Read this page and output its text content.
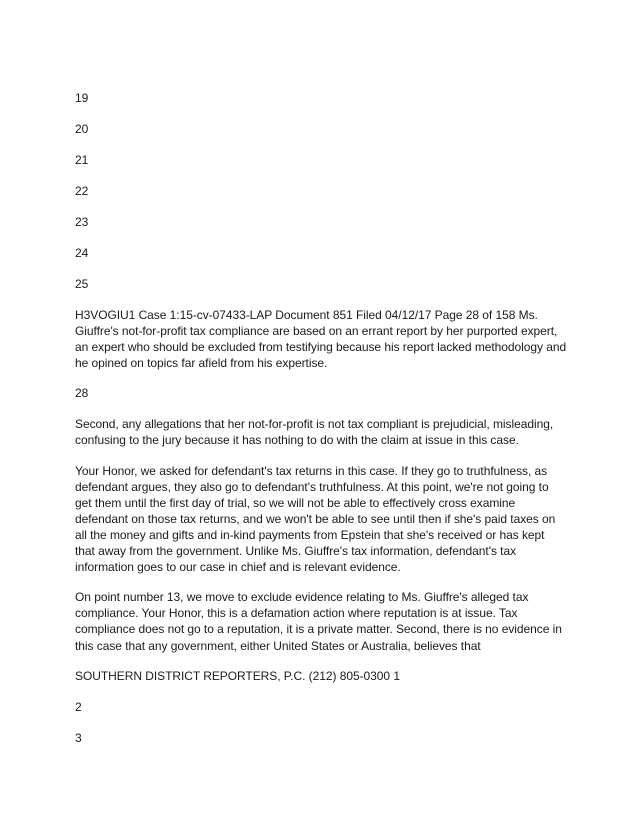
19

20

21

22

23

24

25

H3VOGIU1 Case 1:15-cv-07433-LAP Document 851 Filed 04/12/17 Page 28 of 158 Ms. Giuffre's not-for-profit tax compliance are based on an errant report by her purported expert, an expert who should be excluded from testifying because his report lacked methodology and he opined on topics far afield from his expertise.

28

Second, any allegations that her not-for-profit is not tax compliant is prejudicial, misleading, confusing to the jury because it has nothing to do with the claim at issue in this case.

Your Honor, we asked for defendant's tax returns in this case. If they go to truthfulness, as defendant argues, they also go to defendant's truthfulness. At this point, we're not going to get them until the first day of trial, so we will not be able to effectively cross examine defendant on those tax returns, and we won't be able to see until then if she's paid taxes on all the money and gifts and in-kind payments from Epstein that she's received or has kept that away from the government. Unlike Ms. Giuffre's tax information, defendant's tax information goes to our case in chief and is relevant evidence.

On point number 13, we move to exclude evidence relating to Ms. Giuffre's alleged tax compliance. Your Honor, this is a defamation action where reputation is at issue. Tax compliance does not go to a reputation, it is a private matter. Second, there is no evidence in this case that any government, either United States or Australia, believes that

SOUTHERN DISTRICT REPORTERS, P.C. (212) 805-0300 1

2

3
